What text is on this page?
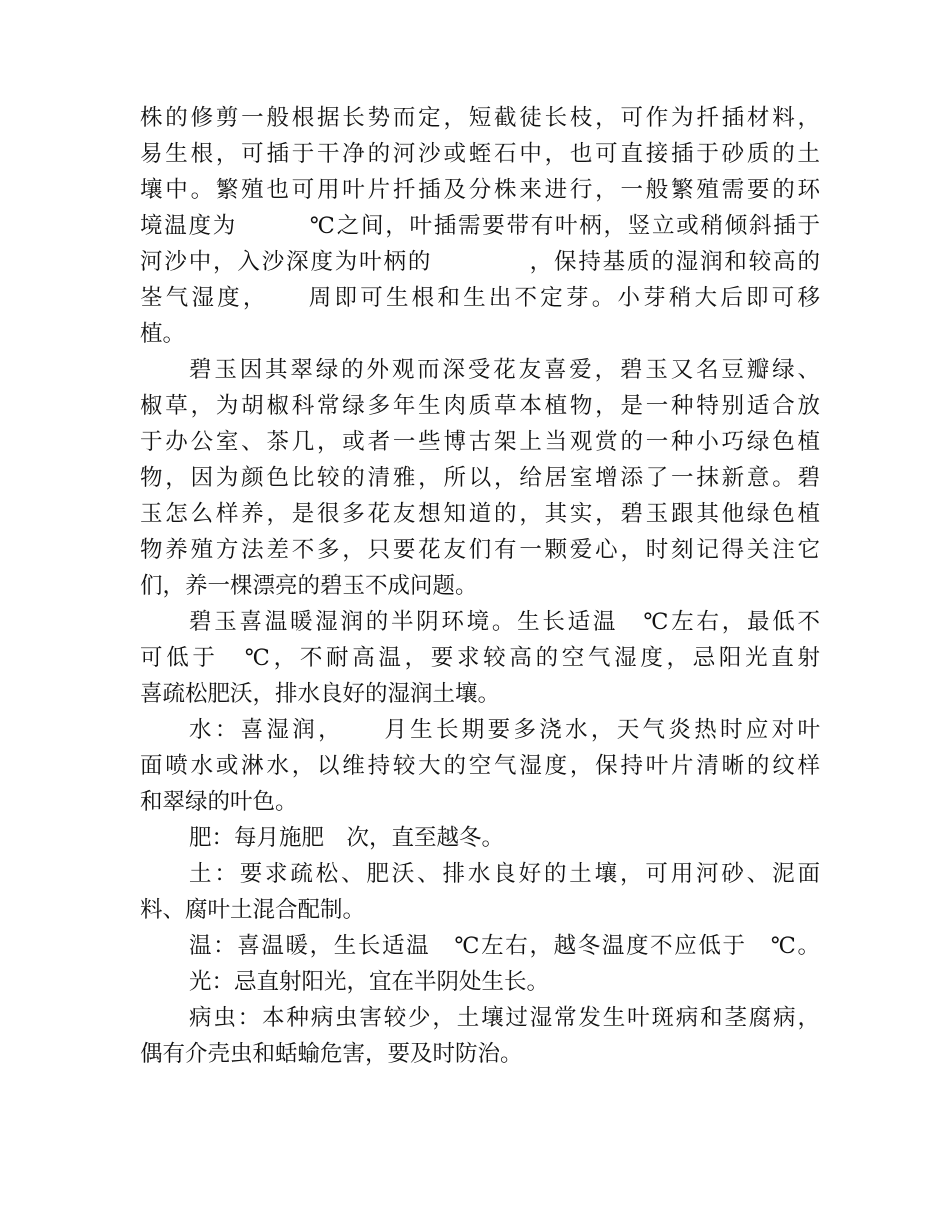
株的修剪一般根据长势而定，短截徒长枝，可作为扦插材料，
易生根，可插于干净的河沙或蛭石中，也可直接插于砂质的土
壤中。繁殖也可用叶片扦插及分株来进行，一般繁殖需要的环
境温度为　　　℃之间，叶插需要带有叶柄，竖立或稍倾斜插于
河沙中，入沙深度为叶柄的　　　　，保持基质的湿润和较高的
峑气湿度，　　周即可生根和生出不定芽。小芽稍大后即可移
植。
碧玉因其翠绿的外观而深受花友喜爱，碧玉又名豆瓣绿、
椒草，为胡椒科常绿多年生肉质草本植物，是一种特别适合放
于办公室、茶几，或者一些博古架上当观赏的一种小巧绿色植
物，因为颜色比较的清雅，所以，给居室增添了一抹新意。碧
玉怎么样养，是很多花友想知道的，其实，碧玉跟其他绿色植
物养殖方法差不多，只要花友们有一颗爱心，时刻记得关注它
们，养一棵漂亮的碧玉不成问题。
碧玉喜温暖湿润的半阴环境。生长适温　℃左右，最低不
可低于　℃，不耐高温，要求较高的空气湿度，忌阳光直射
喜疏松肥沃，排水良好的湿润土壤。
水：喜湿润，　　月生长期要多浇水，天气炎热时应对叶
面喷水或淋水，以维持较大的空气湿度，保持叶片清晰的纹样
和翠绿的叶色。
肥：每月施肥　次，直至越冬。
土：要求疏松、肥沃、排水良好的土壤，可用河砂、泥面
料、腐叶土混合配制。
温：喜温暖，生长适温　℃左右，越冬温度不应低于　℃。
光：忌直射阳光，宜在半阴处生长。
病虫：本种病虫害较少，土壤过湿常发生叶斑病和茎腐病，
偶有介壳虫和蛞蝓危害，要及时防治。
